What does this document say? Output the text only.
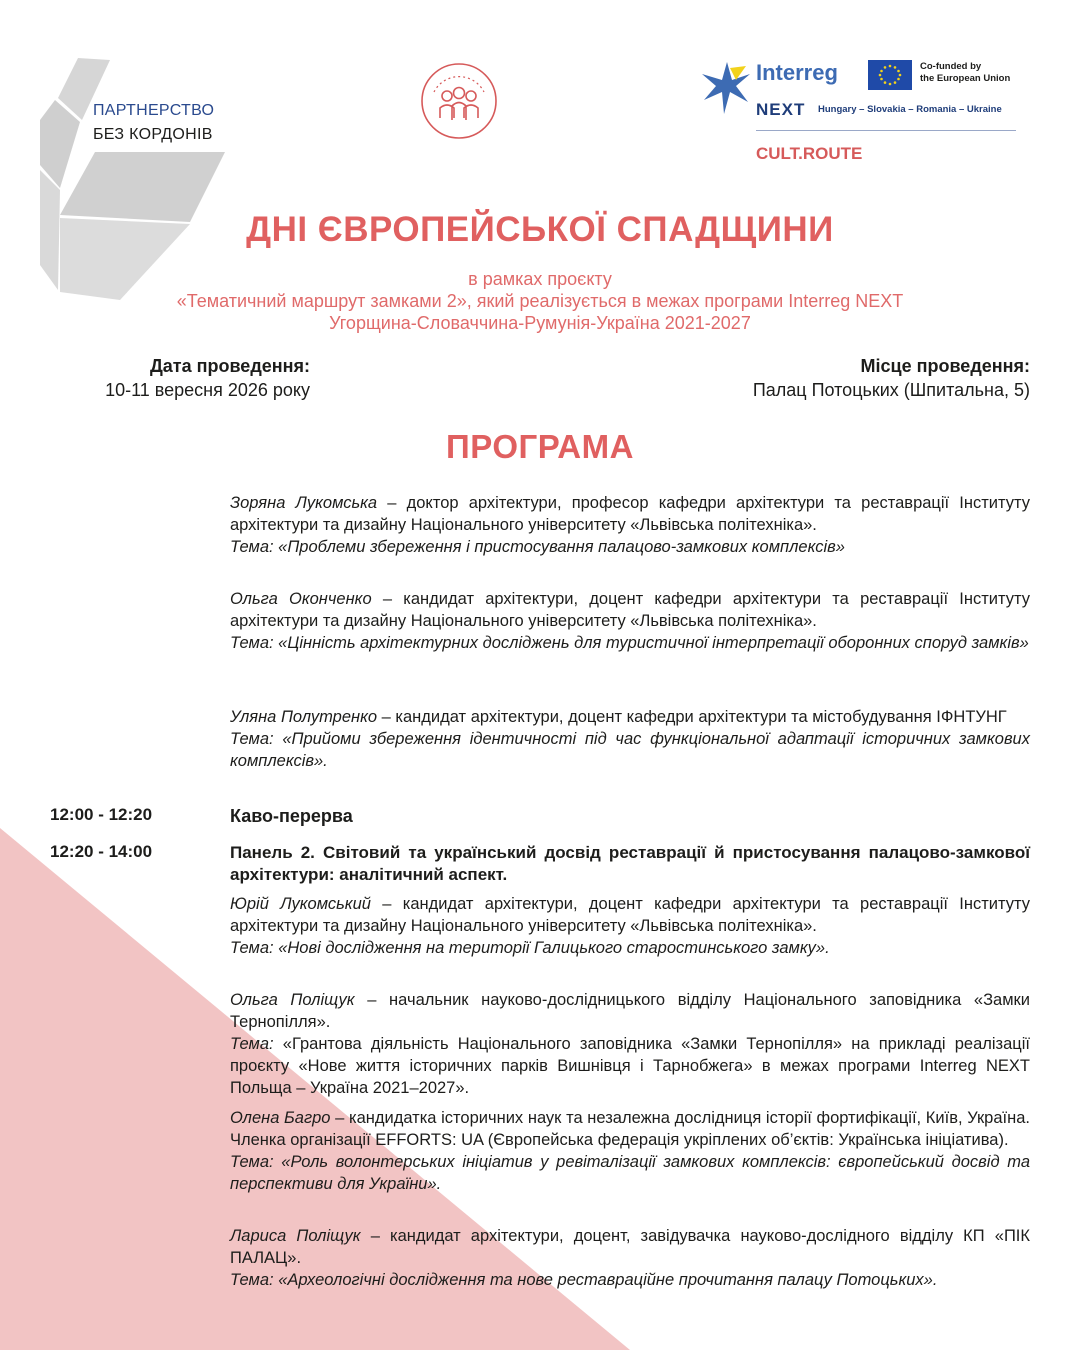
ПАРТНЕРСТВО
БЕЗ КОРДОНІВ
Interreg	Co-funded by
the European Union
NEXT Hungary – Slovakia – Romania – Ukraine
CULT.ROUTE
ДНІ ЄВРОПЕЙСЬКОЇ СПАДЩИНИ
в рамках проєкту
«Тематичний маршрут замками 2», який реалізується в межах програми Interreg NEXT
Угорщина-Словаччина-Румунія-Україна 2021-2027
Дата проведення:
10-11 вересня 2026 року
Місце проведення:
Палац Потоцьких (Шпитальна, 5)
ПРОГРАМА
Зоряна Лукомська – доктор архітектури, професор кафедри архітектури та реставрації Інституту архітектури та дизайну Національного університету «Львівська політехніка».
Тема: «Проблеми збереження і пристосування палацово-замкових комплексів»
Ольга Оконченко – кандидат архітектури, доцент кафедри архітектури та реставрації Інституту архітектури та дизайну Національного університету «Львівська політехніка».
Тема: «Цінність архітектурних досліджень для туристичної інтерпретації оборонних споруд замків»
Уляна Полутренко – кандидат архітектури, доцент кафедри архітектури та містобудування ІФНТУНГ
Тема: «Прийоми збереження ідентичності під час функціональної адаптації історичних замкових комплексів».
12:00 - 12:20	Каво-перерва
12:20 - 14:00	Панель 2. Світовий та український досвід реставрації й пристосування палацово-замкової архітектури: аналітичний аспект.
Юрій Лукомський – кандидат архітектури, доцент кафедри архітектури та реставрації Інституту архітектури та дизайну Національного університету «Львівська політехніка».
Тема: «Нові дослідження на території Галицького старостинського замку».
Ольга Поліщук – начальник науково-дослідницького відділу Національного заповідника «Замки Тернопілля».
Тема: «Грантова діяльність Національного заповідника «Замки Тернопілля» на прикладі реалізації проєкту «Нове життя історичних парків Вишнівця і Тарнобжега» в межах програми Interreg NEXT Польща – Україна 2021–2027».
Олена Багро – кандидатка історичних наук та незалежна дослідниця історії фортифікації, Київ, Україна. Членка організації EFFORTS: UA (Європейська федерація укріплених об’єктів: Українська ініціатива).
Тема: «Роль волонтерських ініціатив у ревіталізації замкових комплексів: європейський досвід та перспективи для України».
Лариса Поліщук – кандидат архітектури, доцент, завідувачка науково-дослідного відділу КП «ПІК ПАЛАЦ».
Тема: «Археологічні дослідження та нове реставраційне прочитання палацу Потоцьких».
